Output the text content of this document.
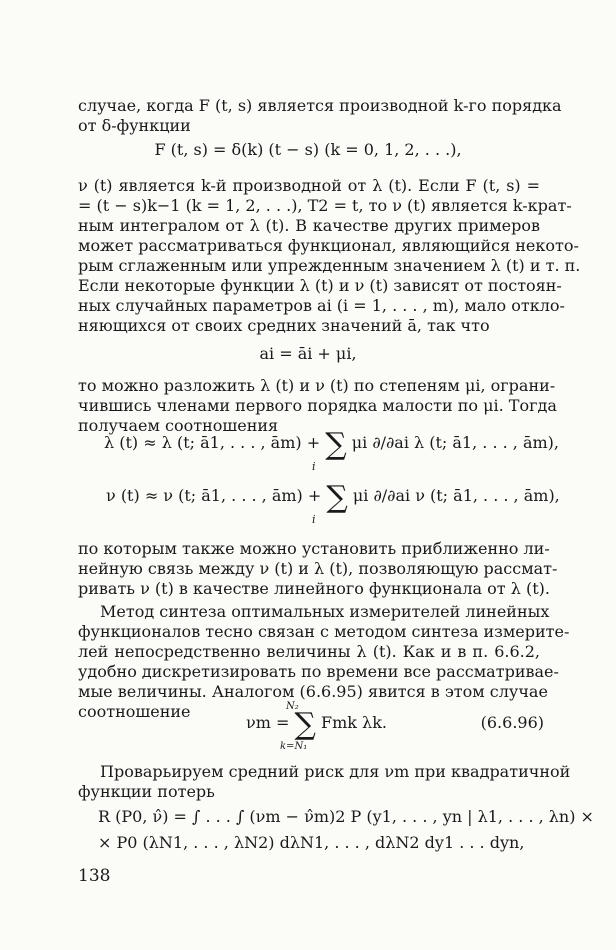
случае, когда F (t, s) является производной k-го порядка
от δ-функции
F (t, s) = δ(k) (t − s) (k = 0, 1, 2, . . .),
ν (t) является k-й производной от λ (t). Если F (t, s) =
= (t − s)k−1 (k = 1, 2, . . .), T2 = t, то ν (t) является k-крат-
ным интегралом от λ (t). В качестве других примеров
может рассматриваться функционал, являющийся некото-
рым сглаженным или упрежденным значением λ (t) и т. п.
Если некоторые функции λ (t) и ν (t) зависят от постоян-
ных случайных параметров ai (i = 1, . . . , m), мало откло-
няющихся от своих средних значений ā, так что
ai = āi + μi,
то можно разложить λ (t) и ν (t) по степеням μi, ограни-
чившись членами первого порядка малости по μi. Тогда
получаем соотношения
λ (t) ≈ λ (t; ā1, . . . , ām) + ∑ μi ∂/∂ai λ (t; ā1, . . . , ām),
i
ν (t) ≈ ν (t; ā1, . . . , ām) + ∑ μi ∂/∂ai ν (t; ā1, . . . , ām),
i
по которым также можно установить приближенно ли-
нейную связь между ν (t) и λ (t), позволяющую рассмат-
ривать ν (t) в качестве линейного функционала от λ (t).
Метод синтеза оптимальных измерителей линейных
функционалов тесно связан с методом синтеза измерите-
лей непосредственно величины λ (t). Как и в п. 6.6.2,
удобно дискретизировать по времени все рассматривае-
мые величины. Аналогом (6.6.95) явится в этом случае
соотношение	N₂
νm = ∑ Fmk λk.
k=N₁
(6.6.96)
Проварьируем средний риск для νm при квадратичной
функции потерь
R (P0, ν̂) = ∫ . . . ∫ (νm − ν̂m)2 P (y1, . . . , yn | λ1, . . . , λn) ×
× P0 (λN1, . . . , λN2) dλN1, . . . , dλN2 dy1 . . . dyn,
138
